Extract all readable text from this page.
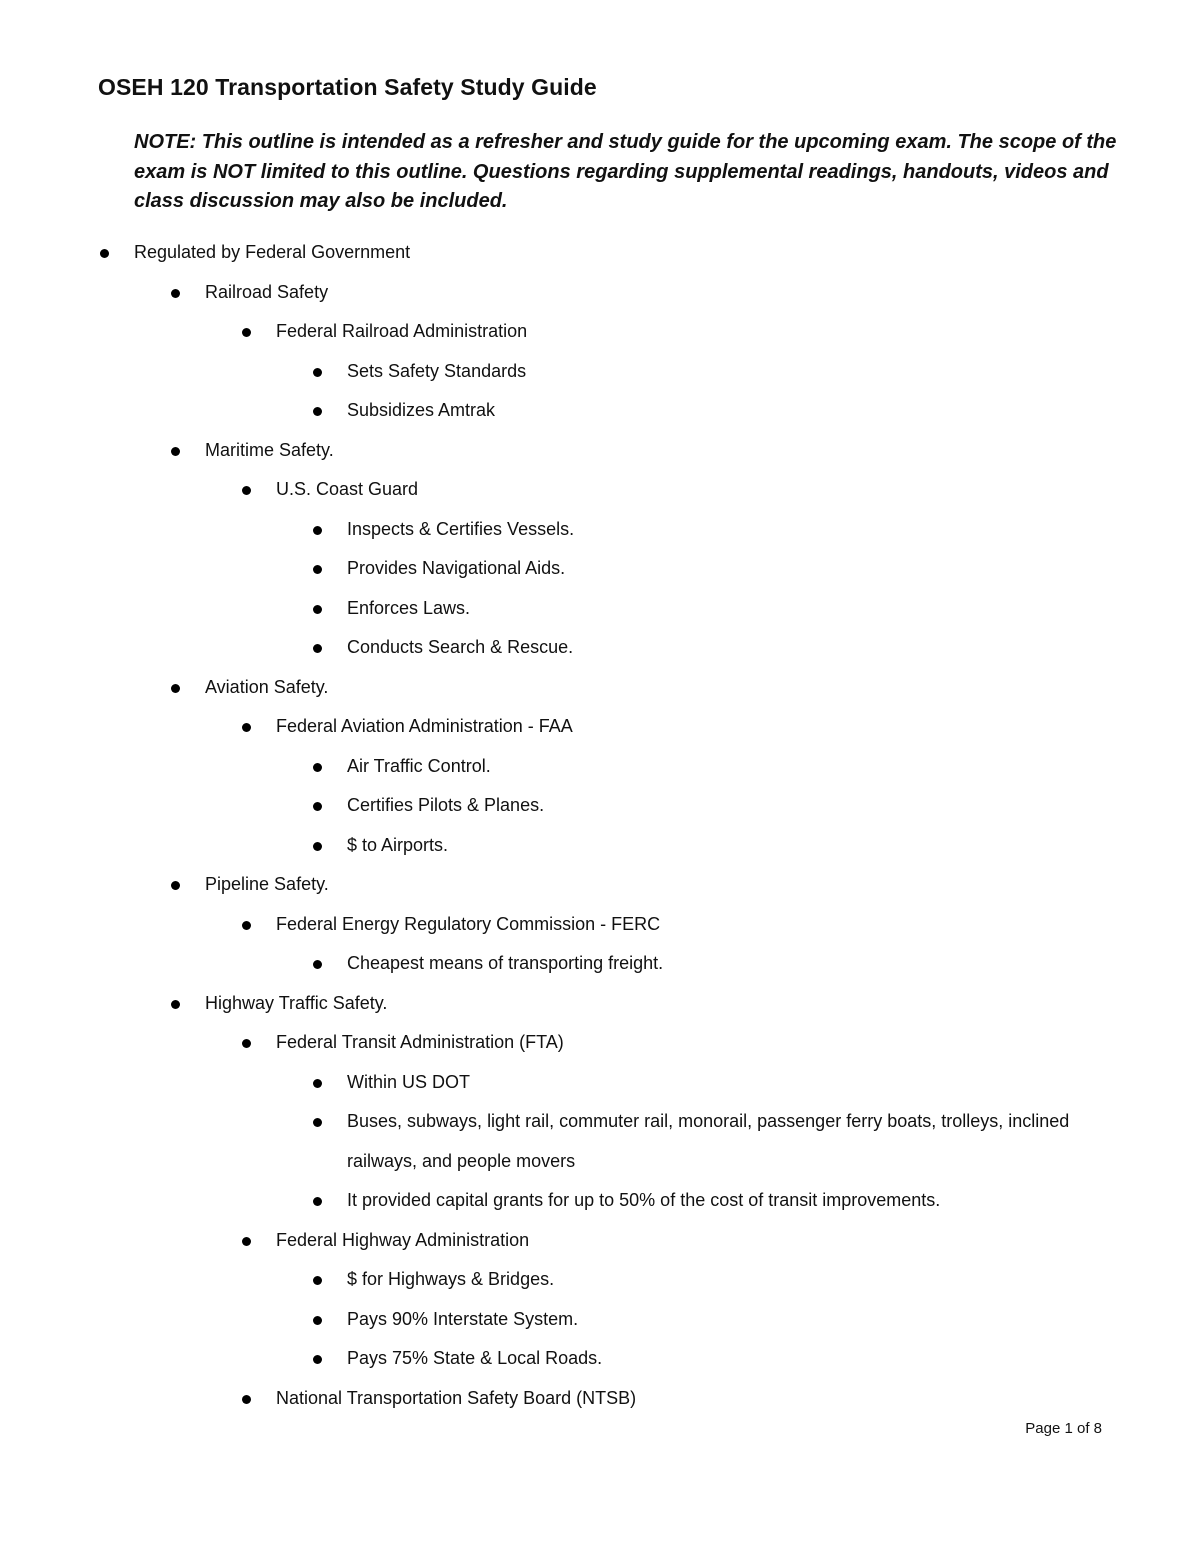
OSEH 120 Transportation Safety Study Guide

NOTE: This outline is intended as a refresher and study guide for the upcoming exam. The scope of the exam is NOT limited to this outline. Questions regarding supplemental readings, handouts, videos and class discussion may also be included.

Regulated by Federal Government
Railroad Safety
Federal Railroad Administration
Sets Safety Standards
Subsidizes Amtrak
Maritime Safety.
U.S. Coast Guard
Inspects & Certifies Vessels.
Provides Navigational Aids.
Enforces Laws.
Conducts Search & Rescue.
Aviation Safety.
Federal Aviation Administration - FAA
Air Traffic Control.
Certifies Pilots & Planes.
$ to Airports.
Pipeline Safety.
Federal Energy Regulatory Commission - FERC
Cheapest means of transporting freight.
Highway Traffic Safety.
Federal Transit Administration (FTA)
Within US DOT
Buses, subways, light rail, commuter rail, monorail, passenger ferry boats, trolleys, inclined railways, and people movers
It provided capital grants for up to 50% of the cost of transit improvements.
Federal Highway Administration
$ for Highways & Bridges.
Pays 90% Interstate System.
Pays 75% State & Local Roads.
National Transportation Safety Board (NTSB)
Page 1 of 8
